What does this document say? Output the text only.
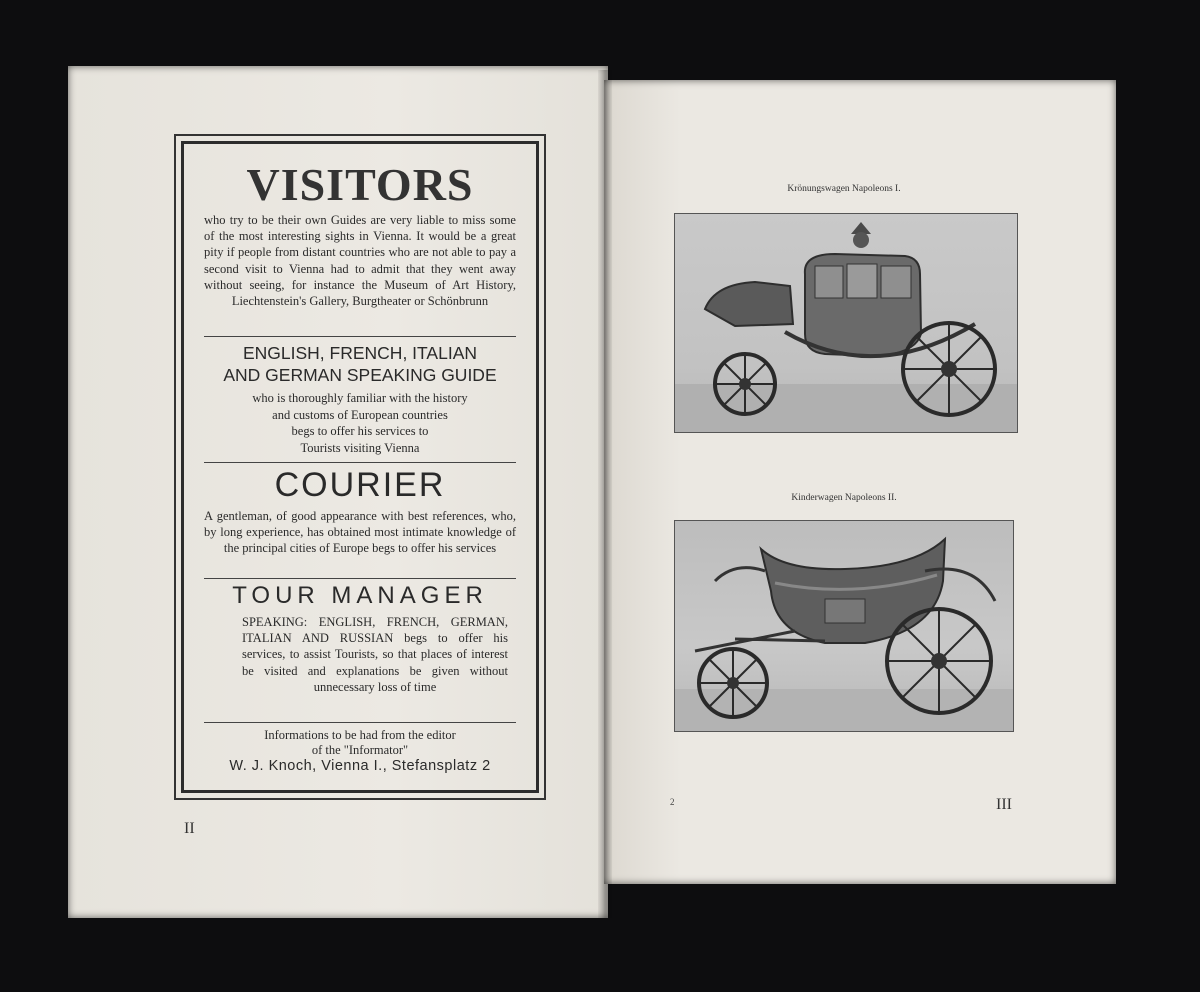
VISITORS
who try to be their own Guides are very liable to miss some of the most interesting sights in Vienna. It would be a great pity if people from distant countries who are not able to pay a second visit to Vienna had to admit that they went away without seeing, for instance the Museum of Art History, Liechtenstein's Gallery, Burgtheater or Schönbrunn
ENGLISH, FRENCH, ITALIAN
AND GERMAN SPEAKING GUIDE
who is thoroughly familiar with the history
and customs of European countries
begs to offer his services to
Tourists visiting Vienna
COURIER
A gentleman, of good appearance with best references, who, by long experience, has obtained most intimate knowledge of the principal cities of Europe begs to offer his services
TOUR MANAGER
SPEAKING: ENGLISH, FRENCH, GERMAN, ITALIAN AND RUSSIAN begs to offer his services, to assist Tourists, so that places of interest be visited and explanations be given without unnecessary loss of time
Informations to be had from the editor
of the "Informator"
W. J. Knoch, Vienna I., Stefansplatz 2
II
Krönungswagen Napoleons I.
Kinderwagen Napoleons II.
2	III
